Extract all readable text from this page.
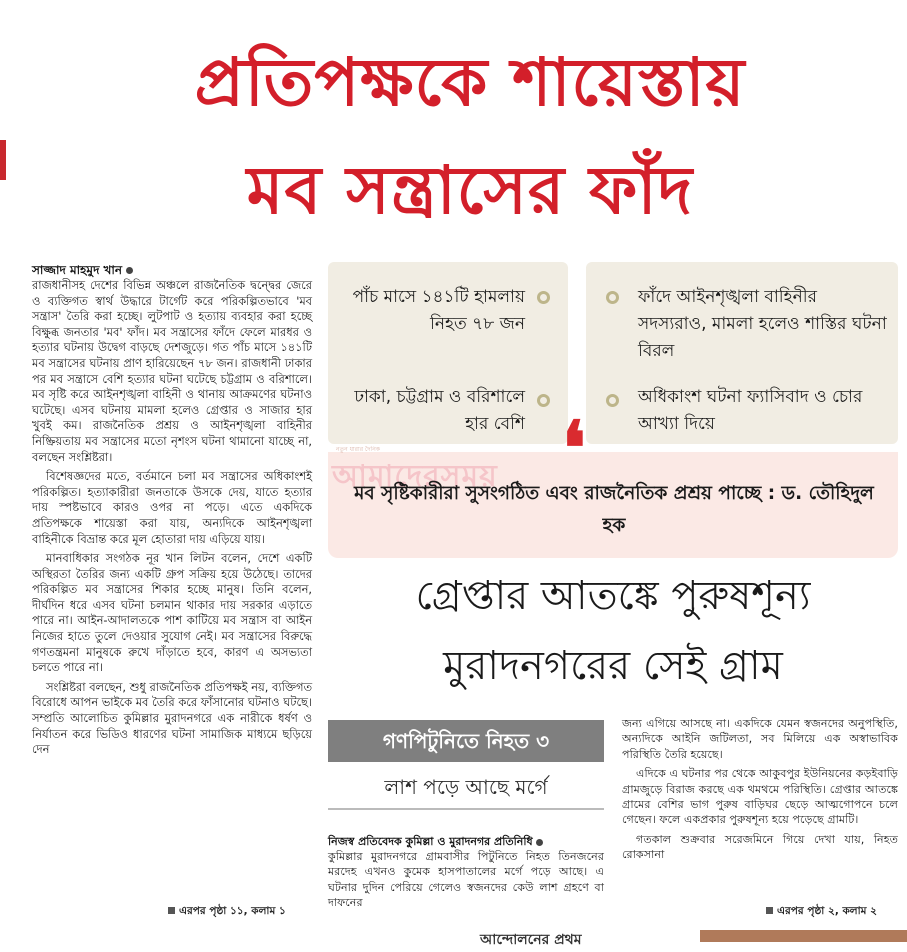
প্রতিপক্ষকে শায়েস্তায়
মব সন্ত্রাসের ফাঁদ
সাজ্জাদ মাহমুদ খান

রাজধানীসহ দেশের বিভিন্ন অঞ্চলে রাজনৈতিক দ্বন্দ্বের জেরে ও ব্যক্তিগত স্বার্থ উদ্ধারে টার্গেট করে পরিকল্পিতভাবে 'মব সন্ত্রাস' তৈরি করা হচ্ছে। লুটপাট ও হত্যায় ব্যবহার করা হচ্ছে বিক্ষুব্ধ জনতার 'মব' ফাঁদ। মব সন্ত্রাসের ফাঁদে ফেলে মারধর ও হত্যার ঘটনায় উদ্বেগ বাড়ছে দেশজুড়ে। গত পাঁচ মাসে ১৪১টি মব সন্ত্রাসের ঘটনায় প্রাণ হারিয়েছেন ৭৮ জন। রাজধানী ঢাকার পর মব সন্ত্রাসে বেশি হত্যার ঘটনা ঘটেছে চট্টগ্রাম ও বরিশালে। মব সৃষ্টি করে আইনশৃঙ্খলা বাহিনী ও থানায় আক্রমণের ঘটনাও ঘটেছে। এসব ঘটনায় মামলা হলেও গ্রেপ্তার ও সাজার হার খুবই কম। রাজনৈতিক প্রশ্রয় ও আইনশৃঙ্খলা বাহিনীর নিষ্ক্রিয়তায় মব সন্ত্রাসের মতো নৃশংস ঘটনা থামানো যাচ্ছে না, বলছেন সংশ্লিষ্টরা।

বিশেষজ্ঞদের মতে, বর্তমানে চলা মব সন্ত্রাসের অধিকাংশই পরিকল্পিত। হত্যাকারীরা জনতাকে উসকে দেয়, যাতে হত্যার দায় স্পষ্টভাবে কারও ওপর না পড়ে। এতে একদিকে প্রতিপক্ষকে শায়েস্তা করা যায়, অন্যদিকে আইনশৃঙ্খলা বাহিনীকে বিভ্রান্ত করে মূল হোতারা দায় এড়িয়ে যায়।

মানবাধিকার সংগঠক নূর খান লিটন বলেন, দেশে একটি অস্থিরতা তৈরির জন্য একটি গ্রুপ সক্রিয় হয়ে উঠেছে। তাদের পরিকল্পিত মব সন্ত্রাসের শিকার হচ্ছে মানুষ। তিনি বলেন, দীর্ঘদিন ধরে এসব ঘটনা চলমান থাকার দায় সরকার এড়াতে পারে না। আইন-আদালতকে পাশ কাটিয়ে মব সন্ত্রাস বা আইন নিজের হাতে তুলে দেওয়ার সুযোগ নেই। মব সন্ত্রাসের বিরুদ্ধে গণতন্ত্রমনা মানুষকে রুখে দাঁড়াতে হবে, কারণ এ অসভ্যতা চলতে পারে না।

সংশ্লিষ্টরা বলছেন, শুধু রাজনৈতিক প্রতিপক্ষই নয়, ব্যক্তিগত বিরোধে আপন ভাইকে মব তৈরি করে ফাঁসানোর ঘটনাও ঘটছে। সম্প্রতি আলোচিত কুমিল্লার মুরাদনগরে এক নারীকে ধর্ষণ ও নির্যাতন করে ভিডিও ধারণের ঘটনা সামাজিক মাধ্যমে ছড়িয়ে দেন

এরপর পৃষ্ঠা ১১, কলাম ১
পাঁচ মাসে ১৪১টি হামলায় নিহত ৭৮ জন
ঢাকা, চট্টগ্রাম ও বরিশালে হার বেশি
ফাঁদে আইনশৃঙ্খলা বাহিনীর সদস্যরাও, মামলা হলেও শাস্তির ঘটনা বিরল
অধিকাংশ ঘটনা ফ্যাসিবাদ ও চোর আখ্যা দিয়ে
নতুন ধারার দৈনিক
আমাদেরসময় ❛
মব সৃষ্টিকারীরা সুসংগঠিত এবং রাজনৈতিক প্রশ্রয় পাচ্ছে : ড. তৌহিদুল হক
গ্রেপ্তার আতঙ্কে পুরুষশূন্য
মুরাদনগরের সেই গ্রাম
গণপিটুনিতে নিহত ৩
লাশ পড়ে আছে মর্গে
নিজস্ব প্রতিবেদক কুমিল্লা ও মুরাদনগর প্রতিনিধি
কুমিল্লার মুরাদনগরে গ্রামবাসীর পিটুনিতে নিহত তিনজনের মরদেহ এখনও কুমেক হাসপাতালের মর্গে পড়ে আছে। এ ঘটনার দুদিন পেরিয়ে গেলেও স্বজনদের কেউ লাশ গ্রহণে বা দাফনের

জন্য এগিয়ে আসছে না। একদিকে যেমন স্বজনদের অনুপস্থিতি, অন্যদিকে আইনি জটিলতা, সব মিলিয়ে এক অস্বাভাবিক পরিস্থিতি তৈরি হয়েছে।

এদিকে এ ঘটনার পর থেকে আকুবপুর ইউনিয়নের কড়ইবাড়ি গ্রামজুড়ে বিরাজ করছে এক থমথমে পরিস্থিতি। গ্রেপ্তার আতঙ্কে গ্রামের বেশির ভাগ পুরুষ বাড়িঘর ছেড়ে আত্মগোপনে চলে গেছেন। ফলে একপ্রকার পুরুষশূন্য হয়ে পড়েছে গ্রামটি।

গতকাল শুক্রবার সরেজমিনে গিয়ে দেখা যায়, নিহত রোকসানা

এরপর পৃষ্ঠা ২, কলাম ২
আন্দোলনের প্রথম
